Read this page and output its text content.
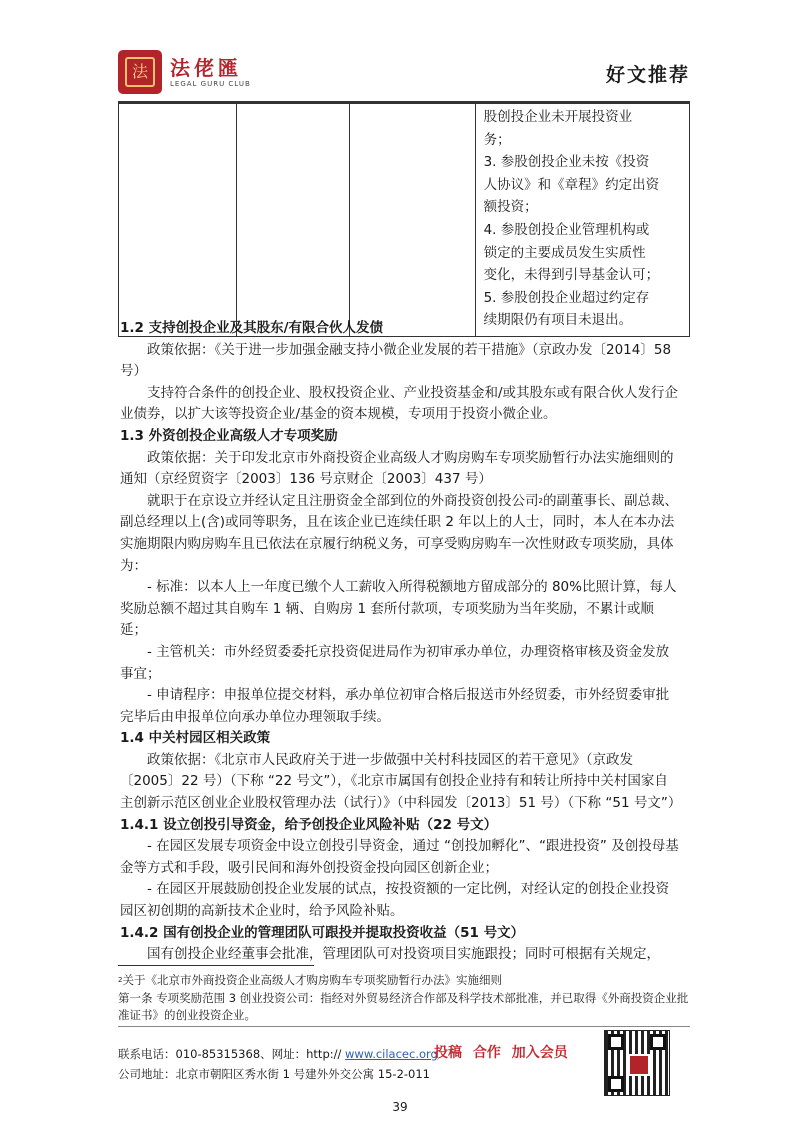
法	法佬匯
LEGAL GURU CLUB	好文推荐

股创投企业未开展投资业
务；
3. 参股创投企业未按《投资
人协议》和《章程》约定出资
额投资；
4. 参股创投企业管理机构或
锁定的主要成员发生实质性
变化，未得到引导基金认可；
5. 参股创投企业超过约定存
续期限仍有项目未退出。

1.2 支持创投企业及其股东/有限合伙人发债

政策依据：《关于进一步加强金融支持小微企业发展的若干措施》（京政办发〔2014〕58 号）

支持符合条件的创投企业、股权投资企业、产业投资基金和/或其股东或有限合伙人发行企业债券，以扩大该等投资企业/基金的资本规模，专项用于投资小微企业。

1.3 外资创投企业高级人才专项奖励

政策依据：关于印发北京市外商投资企业高级人才购房购车专项奖励暂行办法实施细则的通知（京经贸资字〔2003〕136 号京财企〔2003〕437 号）

就职于在京设立并经认定且注册资金全部到位的外商投资创投公司$^2$的副董事长、副总裁、副总经理以上(含)或同等职务，且在该企业已连续任职 2 年以上的人士，同时，本人在本办法实施期限内购房购车且已依法在京履行纳税义务，可享受购房购车一次性财政专项奖励，具体为：

- 标准：以本人上一年度已缴个人工薪收入所得税额地方留成部分的 80%比照计算，每人奖励总额不超过其自购车 1 辆、自购房 1 套所付款项，专项奖励为当年奖励，不累计或顺延；

- 主管机关：市外经贸委委托京投资促进局作为初审承办单位，办理资格审核及资金发放事宜；

- 申请程序：申报单位提交材料，承办单位初审合格后报送市外经贸委，市外经贸委审批完毕后由申报单位向承办单位办理领取手续。

1.4 中关村园区相关政策

政策依据：《北京市人民政府关于进一步做强中关村科技园区的若干意见》（京政发〔2005〕22 号）（下称 “22 号文”），《北京市属国有创投企业持有和转让所持中关村国家自主创新示范区创业企业股权管理办法（试行）》（中科园发〔2013〕51 号）（下称 “51 号文”）

1.4.1 设立创投引导资金，给予创投企业风险补贴（22 号文）

- 在园区发展专项资金中设立创投引导资金，通过 “创投加孵化”、“跟进投资” 及创投母基金等方式和手段，吸引民间和海外创投资金投向园区创新企业；

- 在园区开展鼓励创投企业发展的试点，按投资额的一定比例，对经认定的创投企业投资园区初创期的高新技术企业时，给予风险补贴。

1.4.2 国有创投企业的管理团队可跟投并提取投资收益（51 号文）

国有创投企业经董事会批准，管理团队可对投资项目实施跟投；同时可根据有关规定，

$^2$关于《北京市外商投资企业高级人才购房购车专项奖励暂行办法》实施细则

第一条 专项奖励范围 3 创业投资公司：指经对外贸易经济合作部及科学技术部批准，并已取得《外商投资企业批准证书》的创业投资企业。

联系电话：010-85315368、网址：http:// www.cilacec.org

公司地址：北京市朝阳区秀水街 1 号建外外交公寓 15-2-011

投稿 合作 加入会员
39
